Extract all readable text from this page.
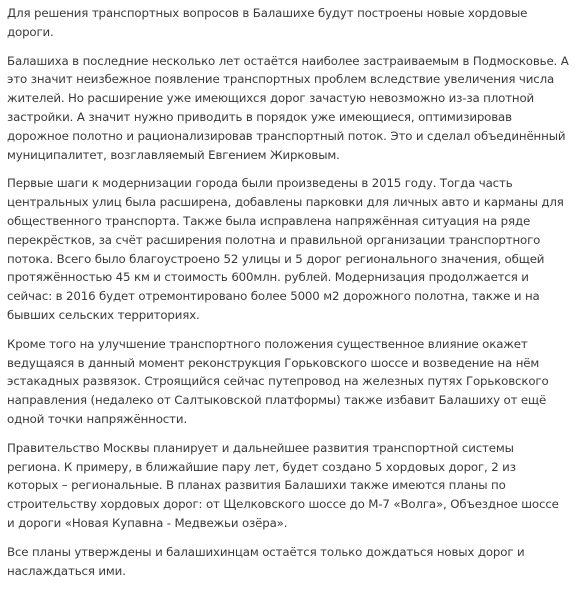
Для решения транспортных вопросов в Балашихе будут построены новые хордовые дороги.

Балашиха в последние несколько лет остаётся наиболее застраиваемым в Подмосковье. А это значит неизбежное появление транспортных проблем вследствие увеличения числа жителей. Но расширение уже имеющихся дорог зачастую невозможно из-за плотной застройки. А значит нужно приводить в порядок уже имеющиеся, оптимизировав дорожное полотно и рационализировав транспортный поток. Это и сделал объединённый муниципалитет, возглавляемый Евгением Жирковым.

Первые шаги к модернизации города были произведены в 2015 году. Тогда часть центральных улиц была расширена, добавлены парковки для личных авто и карманы для общественного транспорта. Также была исправлена напряжённая ситуация на ряде перекрёстков, за счёт расширения полотна и правильной организации транспортного потока. Всего было благоустроено 52 улицы и 5 дорог регионального значения, общей протяжённостью 45 км и стоимость 600млн. рублей. Модернизация продолжается и сейчас: в 2016 будет отремонтировано более 5000 м2 дорожного полотна, также и на бывших сельских территориях.

Кроме того на улучшение транспортного положения существенное влияние окажет ведущаяся в данный момент реконструкция Горьковского шоссе и возведение на нём эстакадных развязок. Строящийся сейчас путепровод на железных путях Горьковского направления (недалеко от Салтыковской платформы) также избавит Балашиху от ещё одной точки напряжённости.

Правительство Москвы планирует и дальнейшее развития транспортной системы региона. К примеру, в ближайшие пару лет, будет создано 5 хордовых дорог, 2 из которых – региональные. В планах развития Балашихи также имеются планы по строительству хордовых дорог: от Щелковского шоссе до М-7 «Волга», Объездное шоссе и дороги «Новая Купавна - Медвежьи озёра».

Все планы утверждены и балашихинцам остаётся только дождаться новых дорог и наслаждаться ими.
